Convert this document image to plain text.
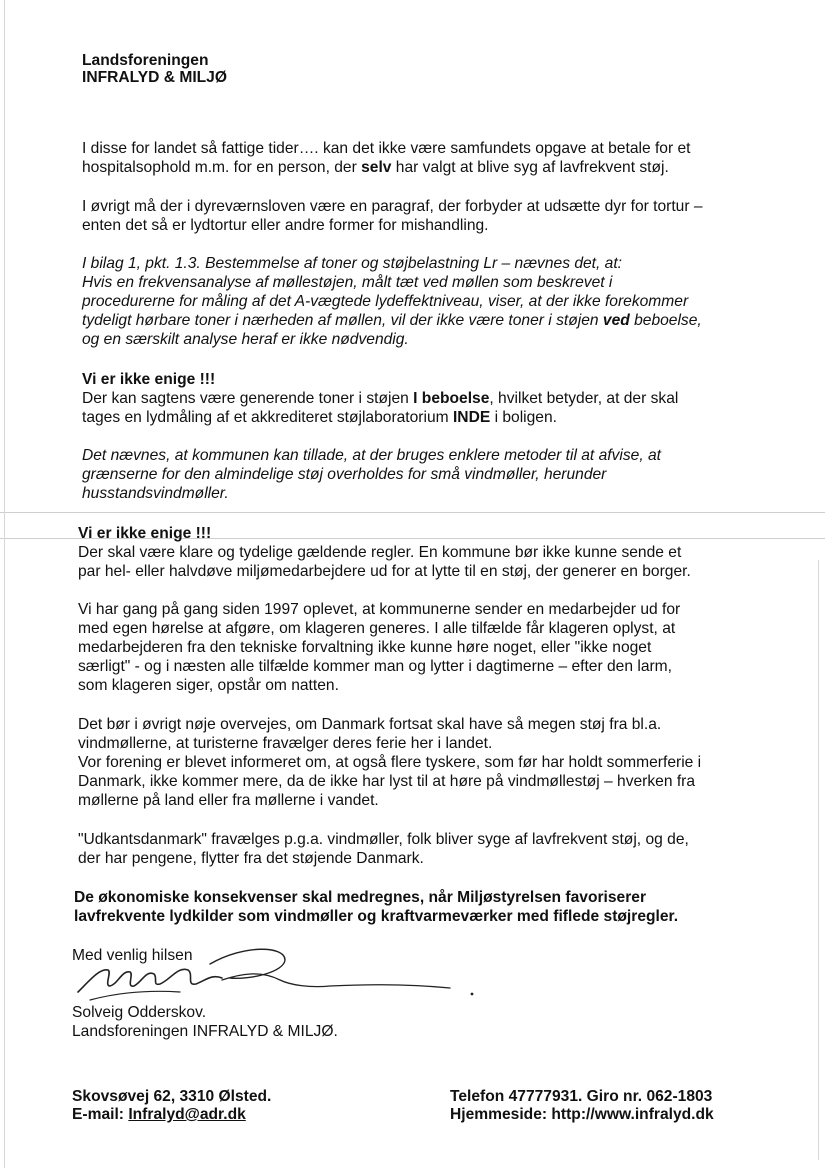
Landsforeningen
INFRALYD & MILJØ
I disse for landet så fattige tider…. kan det ikke være samfundets opgave at betale for et
hospitalsophold m.m. for en person, der selv har valgt at blive syg af lavfrekvent støj.
I øvrigt må der i dyreværnsloven være en paragraf, der forbyder at udsætte dyr for tortur –
enten det så er lydtortur eller andre former for mishandling.
I bilag 1, pkt. 1.3. Bestemmelse af toner og støjbelastning Lr – nævnes det, at:
Hvis en frekvensanalyse af møllestøjen, målt tæt ved møllen som beskrevet i
procedurerne for måling af det A-vægtede lydeffektniveau, viser, at der ikke forekommer
tydeligt hørbare toner i nærheden af møllen, vil der ikke være toner i støjen ved beboelse,
og en særskilt analyse heraf er ikke nødvendig.
Vi er ikke enige !!!
Der kan sagtens være generende toner i støjen I beboelse, hvilket betyder, at der skal
tages en lydmåling af et akkrediteret støjlaboratorium INDE i boligen.
Det nævnes, at kommunen kan tillade, at der bruges enklere metoder til at afvise, at
grænserne for den almindelige støj overholdes for små vindmøller, herunder
husstandsvindmøller.
Vi er ikke enige !!!
Der skal være klare og tydelige gældende regler. En kommune bør ikke kunne sende et
par hel- eller halvdøve miljømedarbejdere ud for at lytte til en støj, der generer en borger.
Vi har gang på gang siden 1997 oplevet, at kommunerne sender en medarbejder ud for
med egen hørelse at afgøre, om klageren generes. I alle tilfælde får klageren oplyst, at
medarbejderen fra den tekniske forvaltning ikke kunne høre noget, eller "ikke noget
særligt" - og i næsten alle tilfælde kommer man og lytter i dagtimerne – efter den larm,
som klageren siger, opstår om natten.
Det bør i øvrigt nøje overvejes, om Danmark fortsat skal have så megen støj fra bl.a.
vindmøllerne, at turisterne fravælger deres ferie her i landet.
Vor forening er blevet informeret om, at også flere tyskere, som før har holdt sommerferie i
Danmark, ikke kommer mere, da de ikke har lyst til at høre på vindmøllestøj – hverken fra
møllerne på land eller fra møllerne i vandet.
"Udkantsdanmark" fravælges p.g.a. vindmøller, folk bliver syge af lavfrekvent støj, og de,
der har pengene, flytter fra det støjende Danmark.
De økonomiske konsekvenser skal medregnes, når Miljøstyrelsen favoriserer
lavfrekvente lydkilder som vindmøller og kraftvarmeværker med fiflede støjregler.
Med venlig hilsen
Solveig Odderskov.
Landsforeningen INFRALYD & MILJØ.
Skovsøvej 62, 3310 Ølsted.
E-mail: Infralyd@adr.dk
Telefon 47777931. Giro nr. 062-1803
Hjemmeside: http://www.infralyd.dk
